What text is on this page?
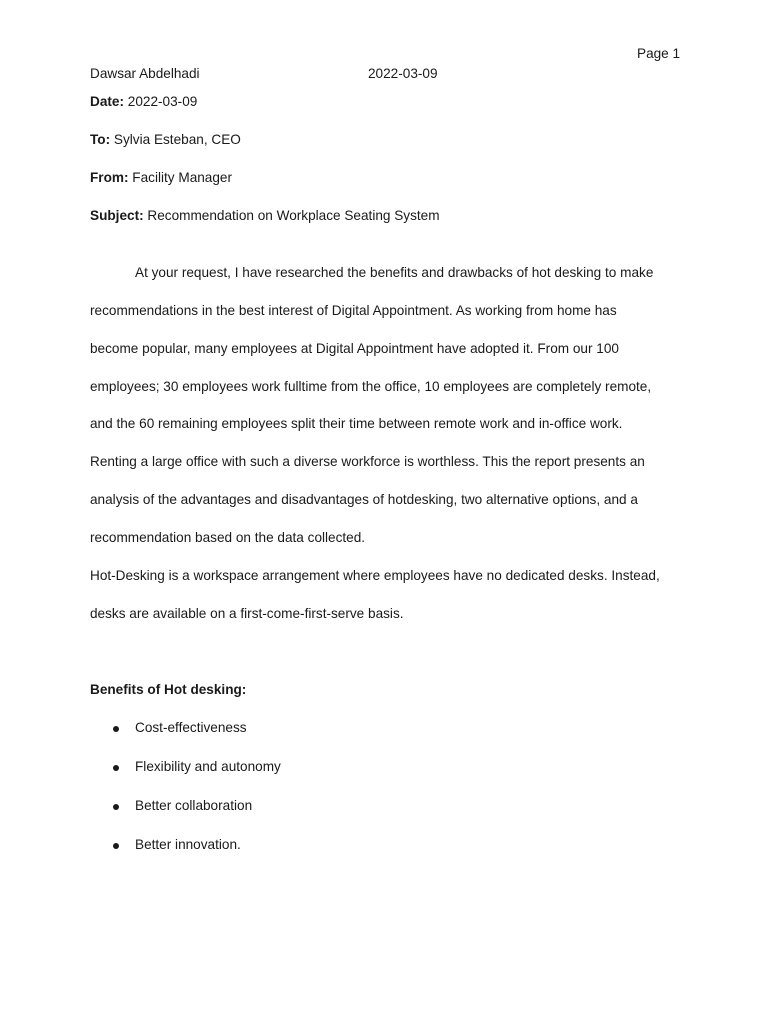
Page 1
Dawsar Abdelhadi	2022-03-09
Date: 2022-03-09
To: Sylvia Esteban, CEO
From: Facility Manager
Subject: Recommendation on Workplace Seating System
At your request, I have researched the benefits and drawbacks of hot desking to make
recommendations in the best interest of Digital Appointment. As working from home has
become popular, many employees at Digital Appointment have adopted it. From our 100
employees; 30 employees work fulltime from the office, 10 employees are completely remote,
and the 60 remaining employees split their time between remote work and in-office work.
Renting a large office with such a diverse workforce is worthless. This the report presents an
analysis of the advantages and disadvantages of hotdesking, two alternative options, and a
recommendation based on the data collected.
Hot-Desking is a workspace arrangement where employees have no dedicated desks. Instead,
desks are available on a first-come-first-serve basis.
Benefits of Hot desking:
Cost-effectiveness
Flexibility and autonomy
Better collaboration
Better innovation.
